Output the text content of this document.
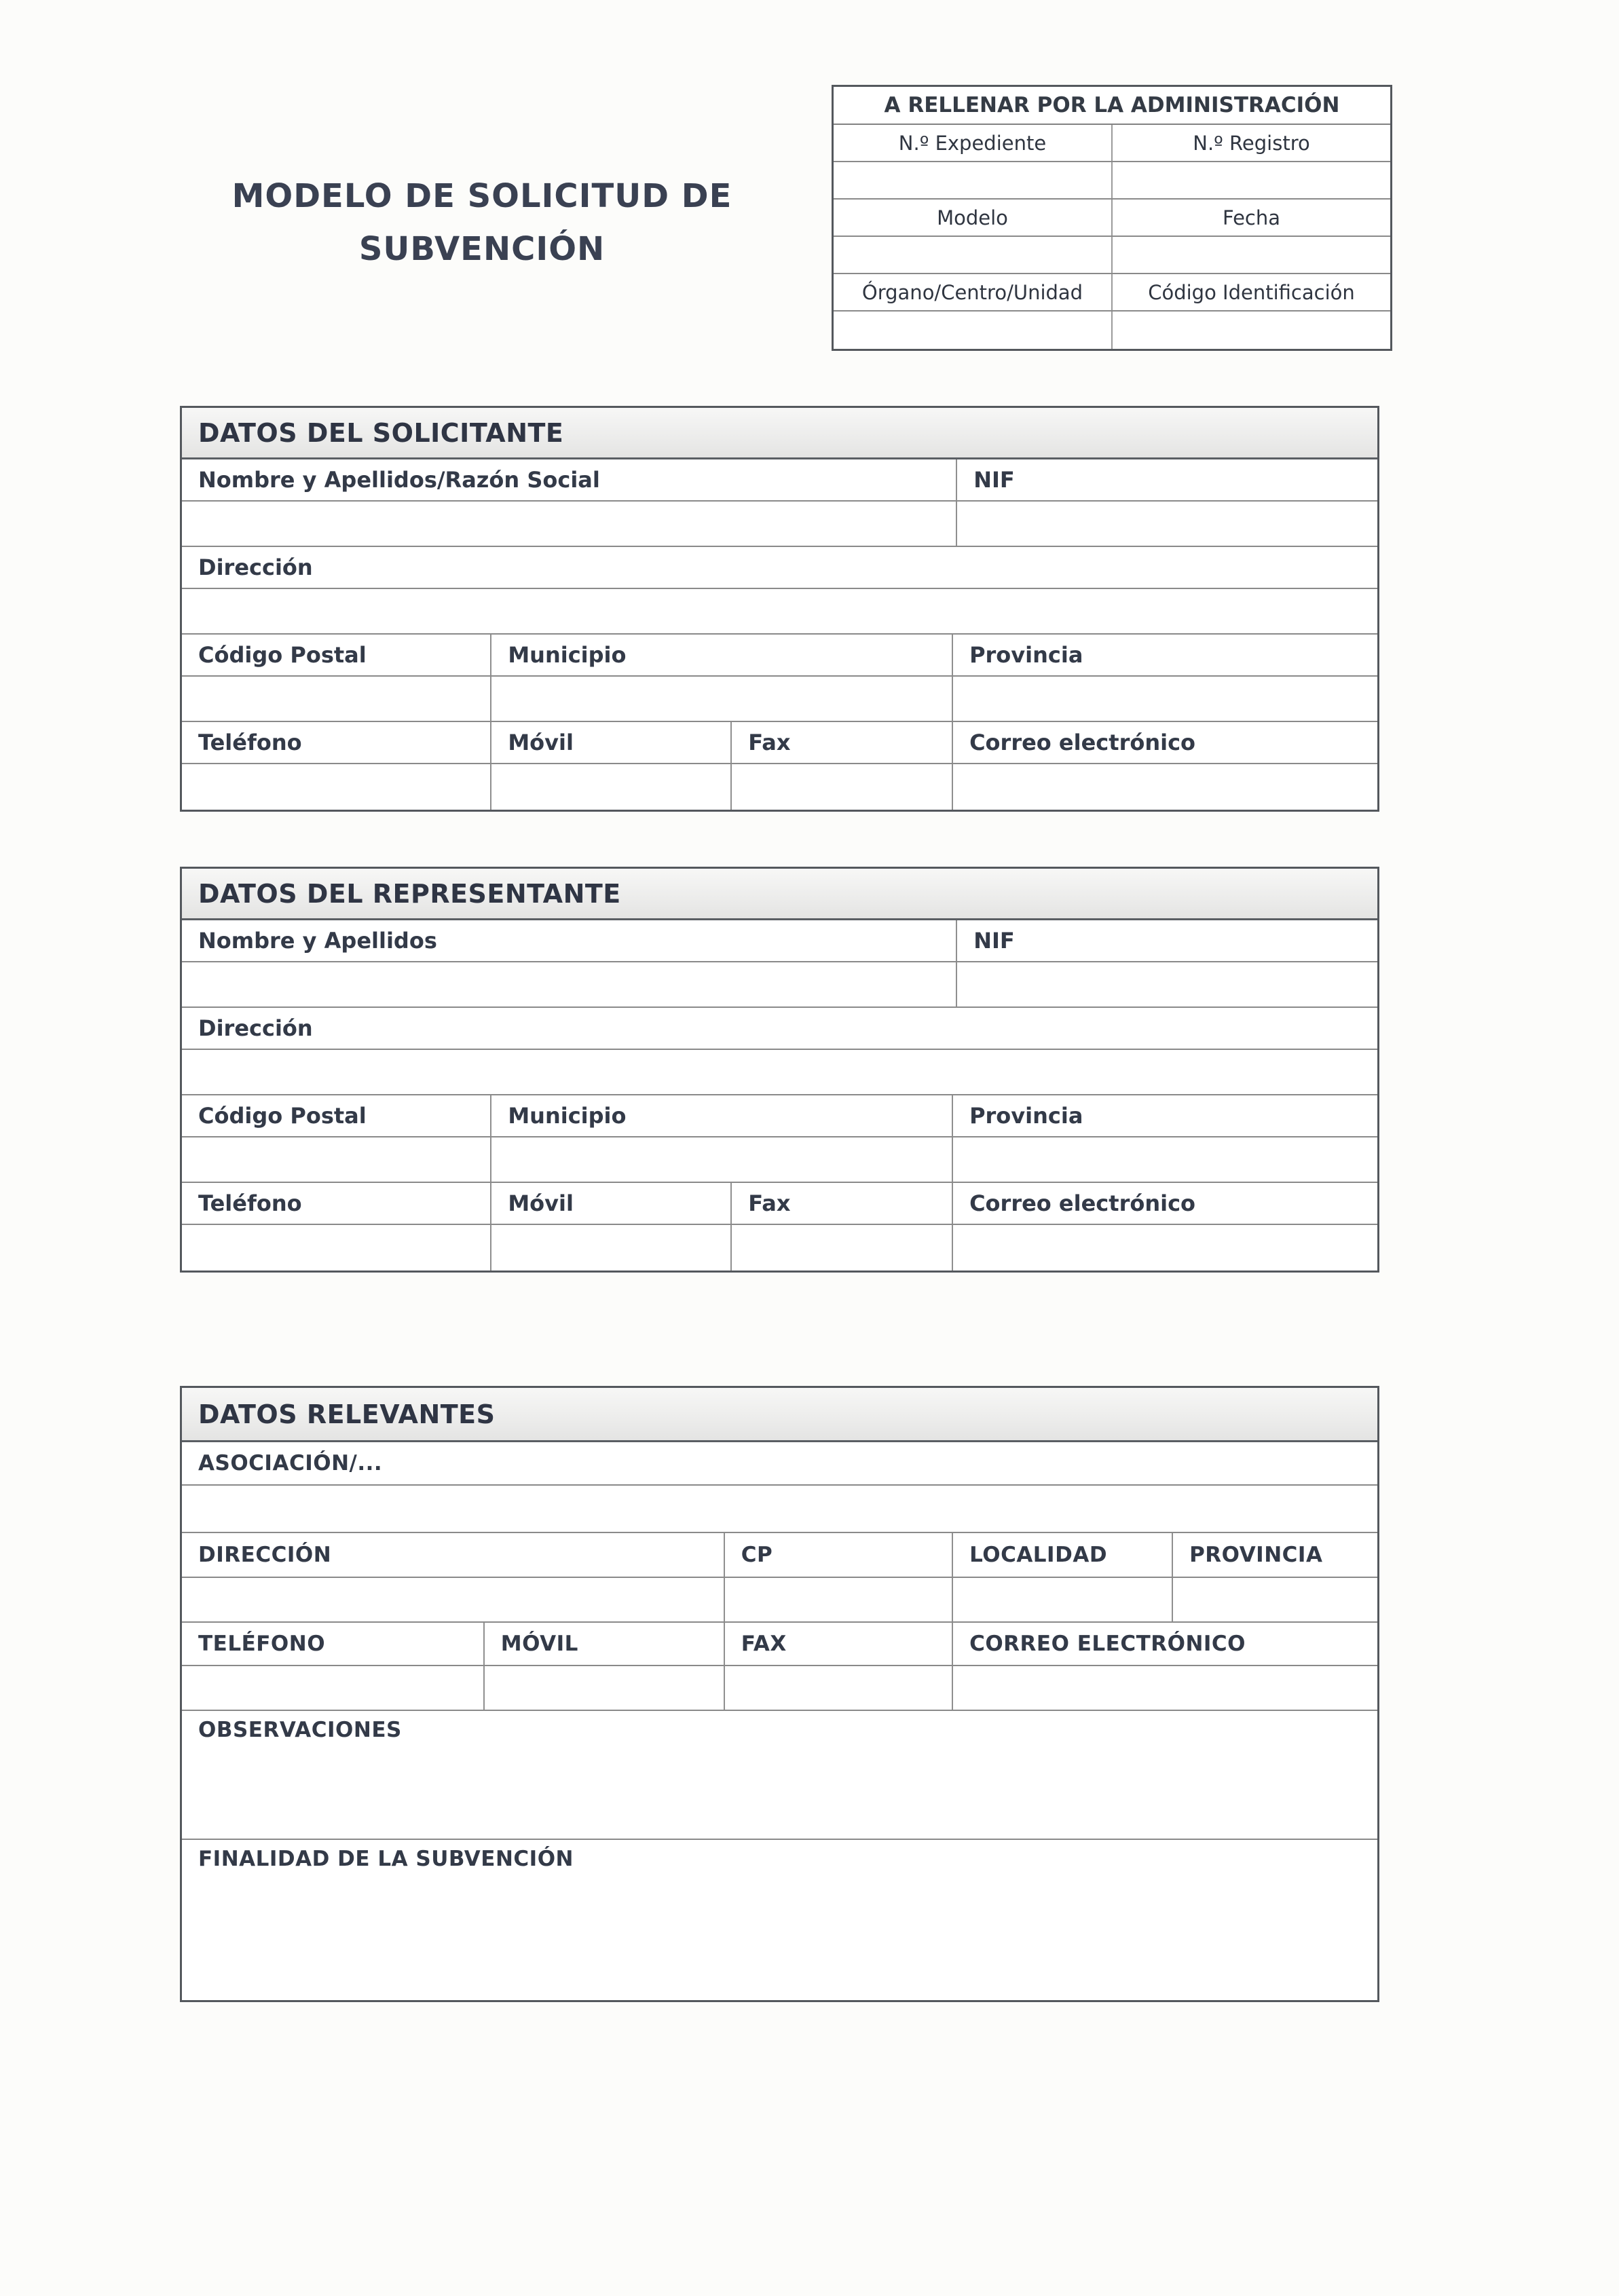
A RELLENAR POR LA ADMINISTRACIÓN
N.º Expediente	N.º Registro
Modelo	Fecha
Órgano/Centro/Unidad	Código Identificación
MODELO DE SOLICITUD DE
SUBVENCIÓN
DATOS DEL SOLICITANTE
Nombre y Apellidos/Razón Social	NIF
Dirección
Código Postal	Municipio	Provincia
Teléfono	Móvil	Fax	Correo electrónico
DATOS DEL REPRESENTANTE
Nombre y Apellidos	NIF
Dirección
Código Postal	Municipio	Provincia
Teléfono	Móvil	Fax	Correo electrónico
DATOS RELEVANTES
ASOCIACIÓN/...
DIRECCIÓN	CP	LOCALIDAD	PROVINCIA
TELÉFONO	MÓVIL	FAX	CORREO ELECTRÓNICO
OBSERVACIONES
FINALIDAD DE LA SUBVENCIÓN
